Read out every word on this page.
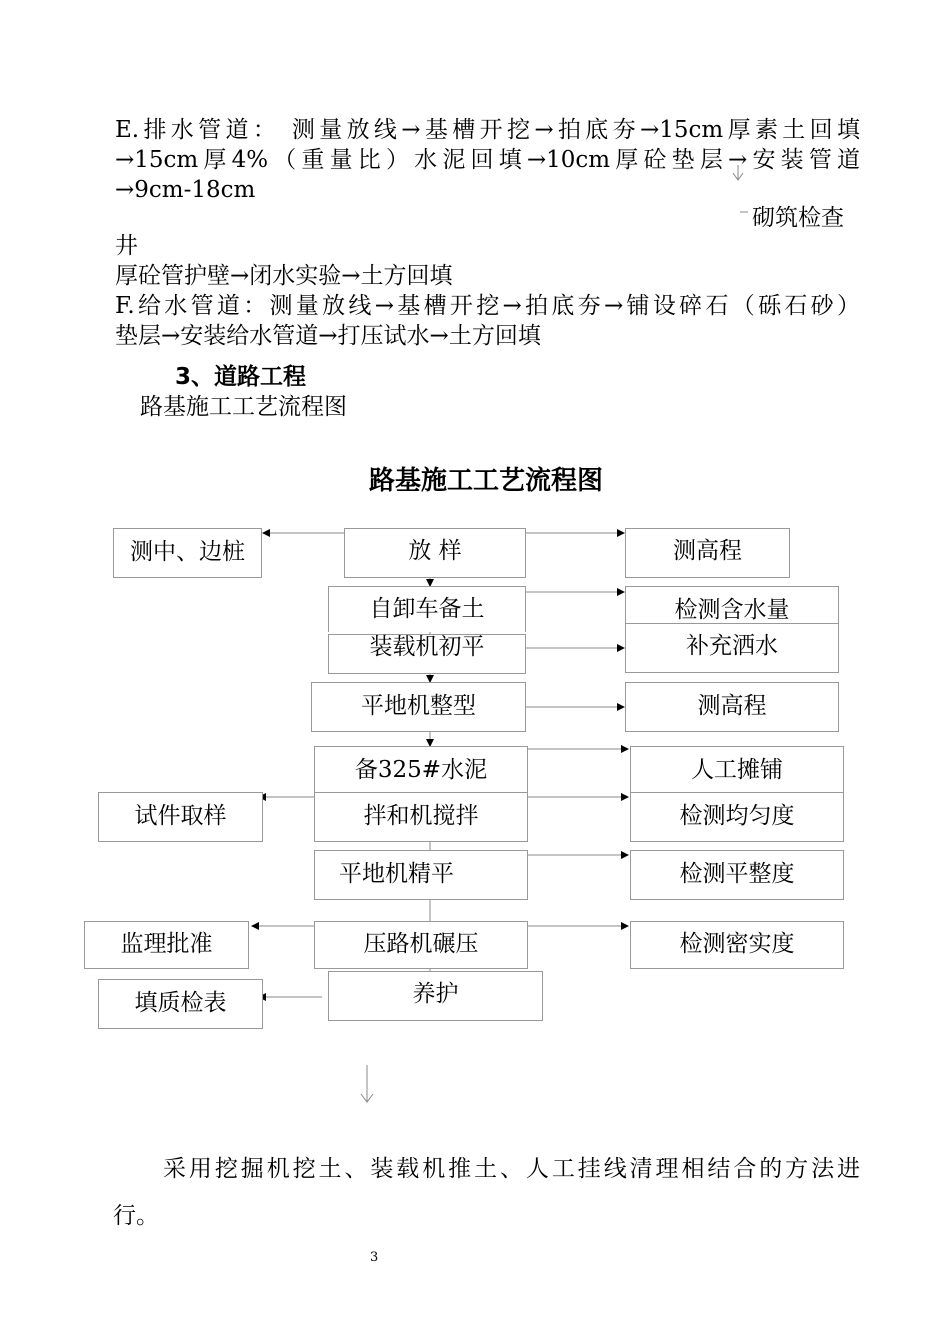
E.排水管道： 测量放线→基槽开挖→拍底夯→15cm厚素土回填
→15cm厚4%（重量比）水泥回填→10cm厚砼垫层→安装管道
→9cm-18cm
砌筑检查
井
厚砼管护壁→闭水实验→土方回填
F.给水管道：测量放线→基槽开挖→拍底夯→铺设碎石（砾石砂）
垫层→安装给水管道→打压试水→土方回填
3、道路工程
路基施工工艺流程图
路基施工工艺流程图
放 样
自卸车备土
装载机初平
平地机整型
备325#水泥
拌和机搅拌
平地机精平
压路机碾压
养护
测高程
检测含水量
补充洒水
测高程
人工摊铺
检测均匀度
检测平整度
检测密实度
测中、边桩
试件取样
监理批准
填质检表
采用挖掘机挖土、装载机推土、人工挂线清理相结合的方法进
行。
3
